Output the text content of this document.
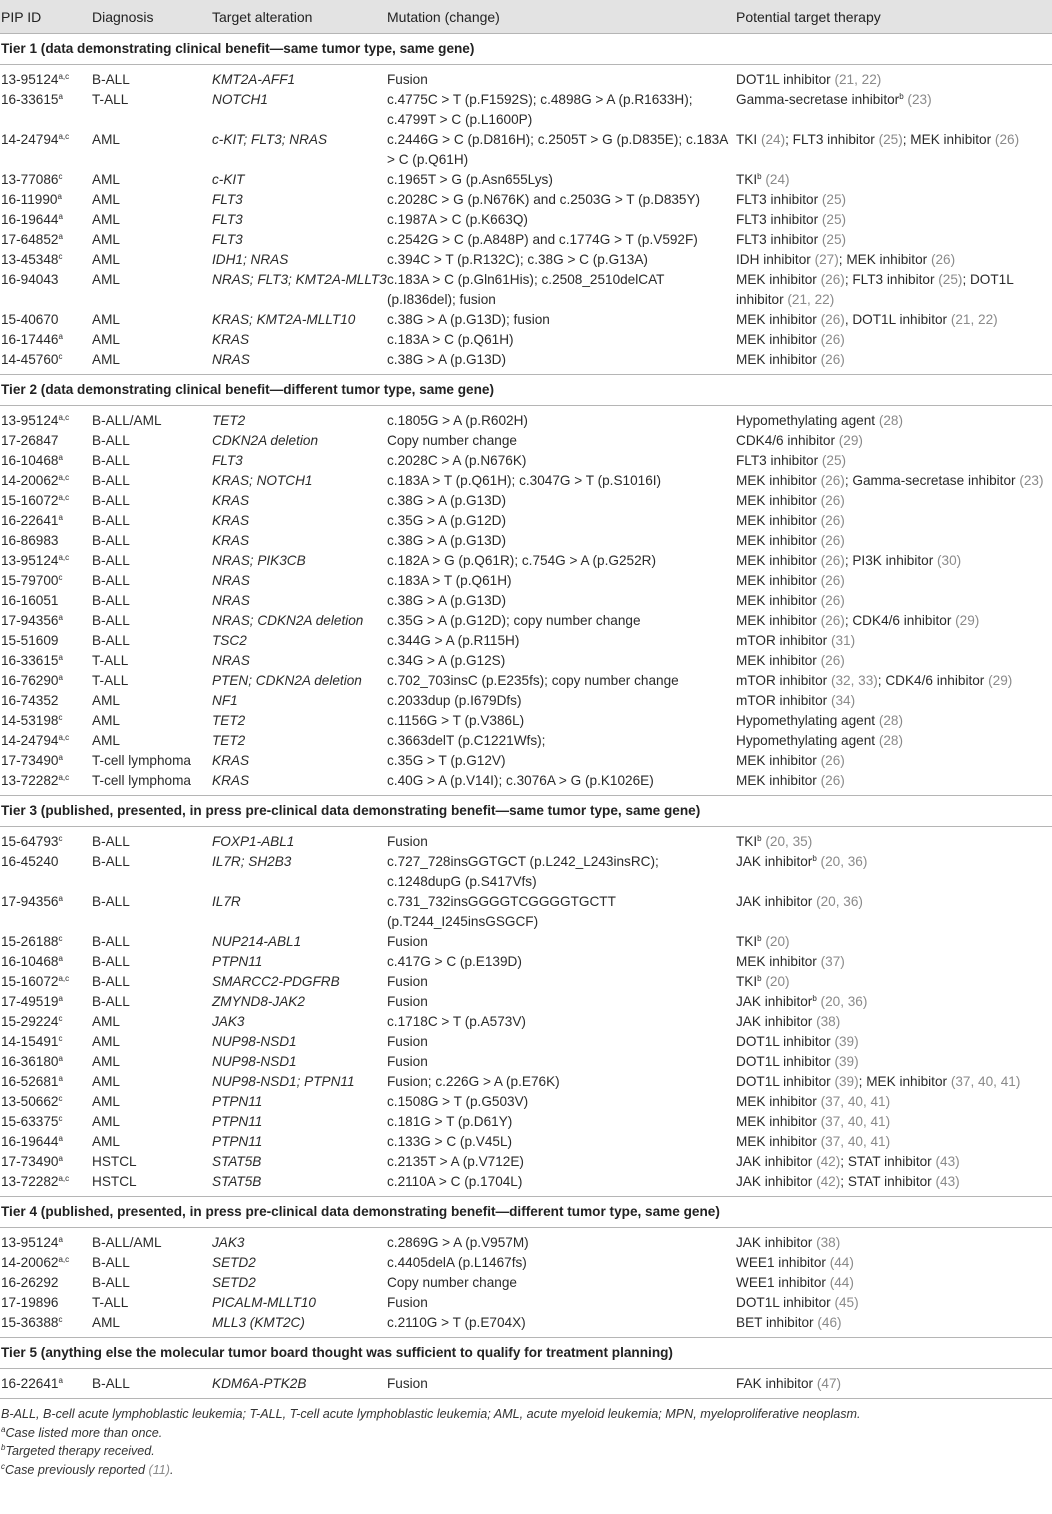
PIP ID	Diagnosis	Target alteration	Mutation (change)	Potential target therapy
Tier 1 (data demonstrating clinical benefit—same tumor type, same gene)				
13-95124$^{a,c}$	B-ALL	KMT2A-AFF1	Fusion	DOT1L inhibitor (21, 22)
16-33615$^a$	T-ALL	NOTCH1	c.4775C > T (p.F1592S); c.4898G > A (p.R1633H); c.4799T > C (p.L1600P)	Gamma-secretase inhibitor$^b$ (23)
14-24794$^{a,c}$	AML	c-KIT; FLT3; NRAS	c.2446G > C (p.D816H); c.2505T > G (p.D835E); c.183A > C (p.Q61H)	TKI (24); FLT3 inhibitor (25); MEK inhibitor (26)
13-77086$^c$	AML	c-KIT	c.1965T > G (p.Asn655Lys)	TKI$^b$ (24)
16-11990$^a$	AML	FLT3	c.2028C > G (p.N676K) and c.2503G > T (p.D835Y)	FLT3 inhibitor (25)
16-19644$^a$	AML	FLT3	c.1987A > C (p.K663Q)	FLT3 inhibitor (25)
17-64852$^a$	AML	FLT3	c.2542G > C (p.A848P) and c.1774G > T (p.V592F)	FLT3 inhibitor (25)
13-45348$^c$	AML	IDH1; NRAS	c.394C > T (p.R132C); c.38G > C (p.G13A)	IDH inhibitor (27); MEK inhibitor (26)
16-94043	AML	NRAS; FLT3; KMT2A-MLLT3	c.183A > C (p.Gln61His); c.2508_2510delCAT (p.I836del); fusion	MEK inhibitor (26); FLT3 inhibitor (25); DOT1L inhibitor (21, 22)
15-40670	AML	KRAS; KMT2A-MLLT10	c.38G > A (p.G13D); fusion	MEK inhibitor (26), DOT1L inhibitor (21, 22)
16-17446$^a$	AML	KRAS	c.183A > C (p.Q61H)	MEK inhibitor (26)
14-45760$^c$	AML	NRAS	c.38G > A (p.G13D)	MEK inhibitor (26)
Tier 2 (data demonstrating clinical benefit—different tumor type, same gene)				
13-95124$^{a,c}$	B-ALL/AML	TET2	c.1805G > A (p.R602H)	Hypomethylating agent (28)
17-26847	B-ALL	CDKN2A deletion	Copy number change	CDK4/6 inhibitor (29)
16-10468$^a$	B-ALL	FLT3	c.2028C > A (p.N676K)	FLT3 inhibitor (25)
14-20062$^{a,c}$	B-ALL	KRAS; NOTCH1	c.183A > T (p.Q61H); c.3047G > T (p.S1016I)	MEK inhibitor (26); Gamma-secretase inhibitor (23)
15-16072$^{a,c}$	B-ALL	KRAS	c.38G > A (p.G13D)	MEK inhibitor (26)
16-22641$^a$	B-ALL	KRAS	c.35G > A (p.G12D)	MEK inhibitor (26)
16-86983	B-ALL	KRAS	c.38G > A (p.G13D)	MEK inhibitor (26)
13-95124$^{a,c}$	B-ALL	NRAS; PIK3CB	c.182A > G (p.Q61R); c.754G > A (p.G252R)	MEK inhibitor (26); PI3K inhibitor (30)
15-79700$^c$	B-ALL	NRAS	c.183A > T (p.Q61H)	MEK inhibitor (26)
16-16051	B-ALL	NRAS	c.38G > A (p.G13D)	MEK inhibitor (26)
17-94356$^a$	B-ALL	NRAS; CDKN2A deletion	c.35G > A (p.G12D); copy number change	MEK inhibitor (26); CDK4/6 inhibitor (29)
15-51609	B-ALL	TSC2	c.344G > A (p.R115H)	mTOR inhibitor (31)
16-33615$^a$	T-ALL	NRAS	c.34G > A (p.G12S)	MEK inhibitor (26)
16-76290$^a$	T-ALL	PTEN; CDKN2A deletion	c.702_703insC (p.E235fs); copy number change	mTOR inhibitor (32, 33); CDK4/6 inhibitor (29)
16-74352	AML	NF1	c.2033dup (p.I679Dfs)	mTOR inhibitor (34)
14-53198$^c$	AML	TET2	c.1156G > T (p.V386L)	Hypomethylating agent (28)
14-24794$^{a,c}$	AML	TET2	c.3663delT (p.C1221Wfs);	Hypomethylating agent (28)
17-73490$^a$	T-cell lymphoma	KRAS	c.35G > T (p.G12V)	MEK inhibitor (26)
13-72282$^{a,c}$	T-cell lymphoma	KRAS	c.40G > A (p.V14I); c.3076A > G (p.K1026E)	MEK inhibitor (26)
Tier 3 (published, presented, in press pre-clinical data demonstrating benefit—same tumor type, same gene)				
15-64793$^c$	B-ALL	FOXP1-ABL1	Fusion	TKI$^b$ (20, 35)
16-45240	B-ALL	IL7R; SH2B3	c.727_728insGGTGCT (p.L242_L243insRC); c.1248dupG (p.S417Vfs)	JAK inhibitor$^b$ (20, 36)
17-94356$^a$	B-ALL	IL7R	c.731_732insGGGGTCGGGGTGCTT (p.T244_I245insGSGCF)	JAK inhibitor (20, 36)
15-26188$^c$	B-ALL	NUP214-ABL1	Fusion	TKI$^b$ (20)
16-10468$^a$	B-ALL	PTPN11	c.417G > C (p.E139D)	MEK inhibitor (37)
15-16072$^{a,c}$	B-ALL	SMARCC2-PDGFRB	Fusion	TKI$^b$ (20)
17-49519$^a$	B-ALL	ZMYND8-JAK2	Fusion	JAK inhibitor$^b$ (20, 36)
15-29224$^c$	AML	JAK3	c.1718C > T (p.A573V)	JAK inhibitor (38)
14-15491$^c$	AML	NUP98-NSD1	Fusion	DOT1L inhibitor (39)
16-36180$^a$	AML	NUP98-NSD1	Fusion	DOT1L inhibitor (39)
16-52681$^a$	AML	NUP98-NSD1; PTPN11	Fusion; c.226G > A (p.E76K)	DOT1L inhibitor (39); MEK inhibitor (37, 40, 41)
13-50662$^c$	AML	PTPN11	c.1508G > T (p.G503V)	MEK inhibitor (37, 40, 41)
15-63375$^c$	AML	PTPN11	c.181G > T (p.D61Y)	MEK inhibitor (37, 40, 41)
16-19644$^a$	AML	PTPN11	c.133G > C (p.V45L)	MEK inhibitor (37, 40, 41)
17-73490$^a$	HSTCL	STAT5B	c.2135T > A (p.V712E)	JAK inhibitor (42); STAT inhibitor (43)
13-72282$^{a,c}$	HSTCL	STAT5B	c.2110A > C (p.1704L)	JAK inhibitor (42); STAT inhibitor (43)
Tier 4 (published, presented, in press pre-clinical data demonstrating benefit—different tumor type, same gene)				
13-95124$^a$	B-ALL/AML	JAK3	c.2869G > A (p.V957M)	JAK inhibitor (38)
14-20062$^{a,c}$	B-ALL	SETD2	c.4405delA (p.L1467fs)	WEE1 inhibitor (44)
16-26292	B-ALL	SETD2	Copy number change	WEE1 inhibitor (44)
17-19896	T-ALL	PICALM-MLLT10	Fusion	DOT1L inhibitor (45)
15-36388$^c$	AML	MLL3 (KMT2C)	c.2110G > T (p.E704X)	BET inhibitor (46)
Tier 5 (anything else the molecular tumor board thought was sufficient to qualify for treatment planning)				
16-22641$^a$	B-ALL	KDM6A-PTK2B	Fusion	FAK inhibitor (47)
B-ALL, B-cell acute lymphoblastic leukemia; T-ALL, T-cell acute lymphoblastic leukemia; AML, acute myeloid leukemia; MPN, myeloproliferative neoplasm.
$^a$Case listed more than once.
$^b$Targeted therapy received.
$^c$Case previously reported (11).
